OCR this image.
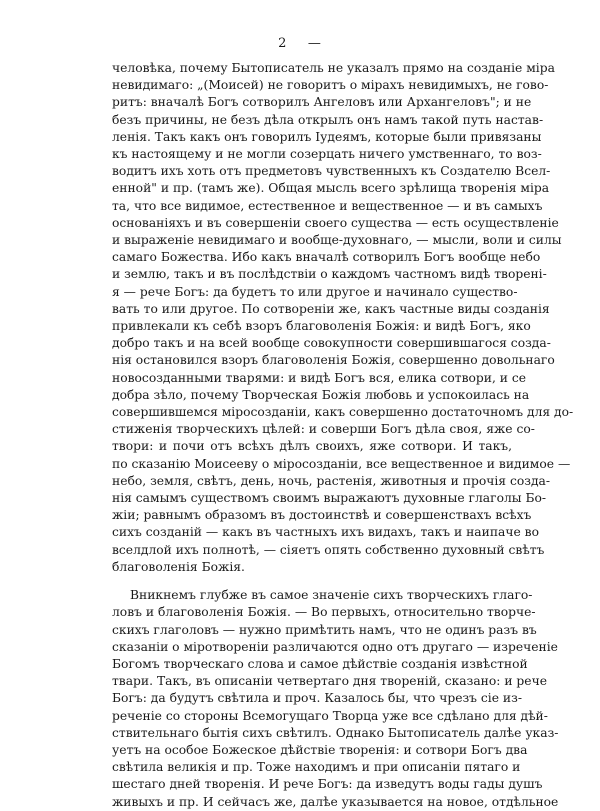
2 —
человѣка, почему Бытописатель не указалъ прямо на созданіе міра
невидимаго: „(Моисей) не говоритъ о мірахъ невидимыхъ, не гово-
ритъ: вначалѣ Богъ сотворилъ Ангеловъ или Архангеловъ"; и не
безъ причины, не безъ дѣла открылъ онъ намъ такой путь настав-
ленія. Такъ какъ онъ говорилъ Іудеямъ, которые были привязаны
къ настоящему и не могли созерцать ничего умственнаго, то воз-
водитъ ихъ хоть отъ предметовъ чувственныхъ къ Создателю Всел-
енной" и пр. (тамъ же). Общая мысль всего зрѣлища творенія міра
та, что все видимое, естественное и вещественное — и въ самыхъ
основаніяхъ и въ совершеніи своего существа — есть осуществленіе
и выраженіе невидимаго и вообще-духовнаго, — мысли, воли и силы
самаго Божества. Ибо какъ вначалѣ сотворилъ Богъ вообще небо
и землю, такъ и въ послѣдствіи о каждомъ частномъ видѣ творені-
я — рече Богъ: да будетъ то или другое и начинало существо-
вать то или другое. По сотвореніи же, какъ частные виды созданія
привлекали къ себѣ взоръ благоволенія Божія: и видѣ Богъ, яко
добро такъ и на всей вообще совокупности совершившагося созда-
нія остановился взоръ благоволенія Божія, совершенно довольнаго
новосозданными тварями: и видѣ Богъ вся, елика сотвори, и се
добра зѣло, почему Творческая Божія любовь и успокоилась на
совершившемся міросозданіи, какъ совершенно достаточномъ для до-
стиженія творческихъ цѣлей: и соверши Богъ дѣла своя, яже со-
твори: и почи отъ всѣхъ дѣлъ своихъ, яже сотвори. И такъ,
по сказанію Моисееву о міросозданіи, все вещественное и видимое —
небо, земля, свѣтъ, день, ночь, растенія, животныя и прочія созда-
нія самымъ существомъ своимъ выражаютъ духовные глаголы Бо-
жіи; равнымъ образомъ въ достоинствѣ и совершенствахъ всѣхъ
сихъ созданій — какъ въ частныхъ ихъ видахъ, такъ и наипаче во
вселдлой ихъ полнотѣ, — сіяетъ опять собственно духовный свѣтъ
благоволенія Божія.
Вникнемъ глубже въ самое значеніе сихъ творческихъ глаго-
ловъ и благоволенія Божія. — Во первыхъ, относительно творче-
скихъ глаголовъ — нужно примѣтить намъ, что не одинъ разъ въ
сказаніи о міротвореніи различаются одно отъ другаго — изреченіе
Богомъ творческаго слова и самое дѣйствіе созданія извѣстной
твари. Такъ, въ описаніи четвертаго дня твореній, сказано: и рече
Богъ: да будутъ свѣтила и проч. Казалось бы, что чрезъ сіе из-
реченіе со стороны Всемогущаго Творца уже все сдѣлано для дѣй-
ствительнаго бытія сихъ свѣтилъ. Однако Бытописатель далѣе указ-
уетъ на особое Божеское дѣйствіе творенія: и сотвори Богъ два
свѣтила великія и пр. Тоже находимъ и при описаніи пятаго и
шестаго дней творенія. И рече Богъ: да изведутъ воды гады душъ
живыхъ и пр. И сейчасъ же, далѣе указывается на новое, отдѣльное
